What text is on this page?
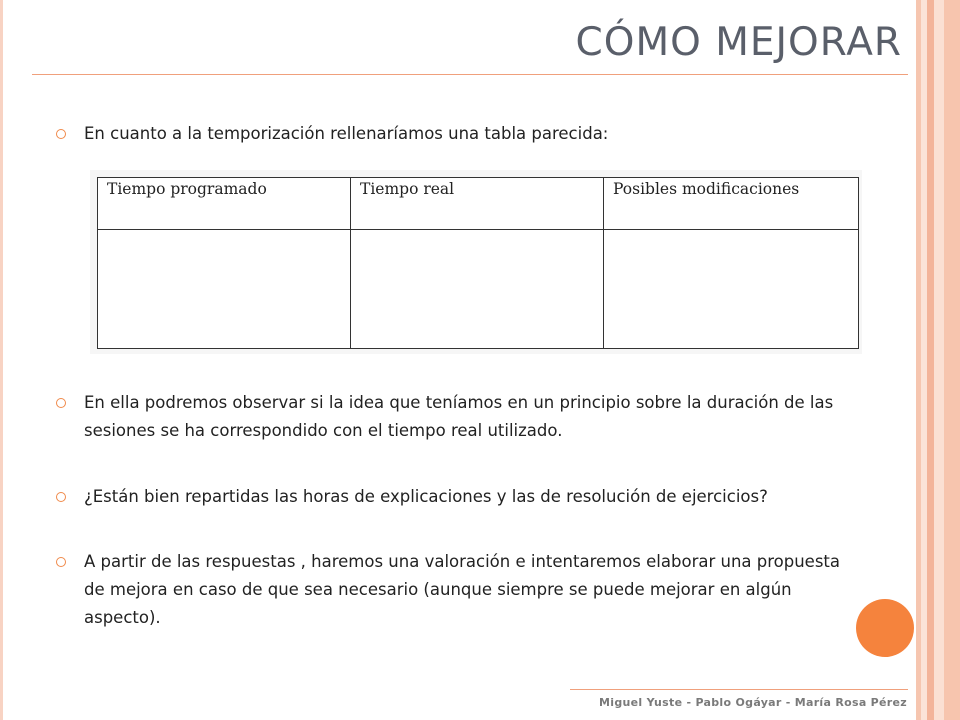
CÓMO MEJORAR
En cuanto a la temporización rellenaríamos una tabla parecida:
Tiempo programado	Tiempo real	Posibles modificaciones

En ella podremos observar si la idea que teníamos en un principio sobre la duración de las sesiones se ha correspondido con el tiempo real utilizado.
¿Están bien repartidas las horas de explicaciones y las de resolución de ejercicios?
A partir de las respuestas , haremos una valoración e intentaremos elaborar una propuesta de mejora en caso de que sea necesario (aunque siempre se puede mejorar en algún aspecto).
Miguel Yuste - Pablo Ogáyar - María Rosa Pérez
